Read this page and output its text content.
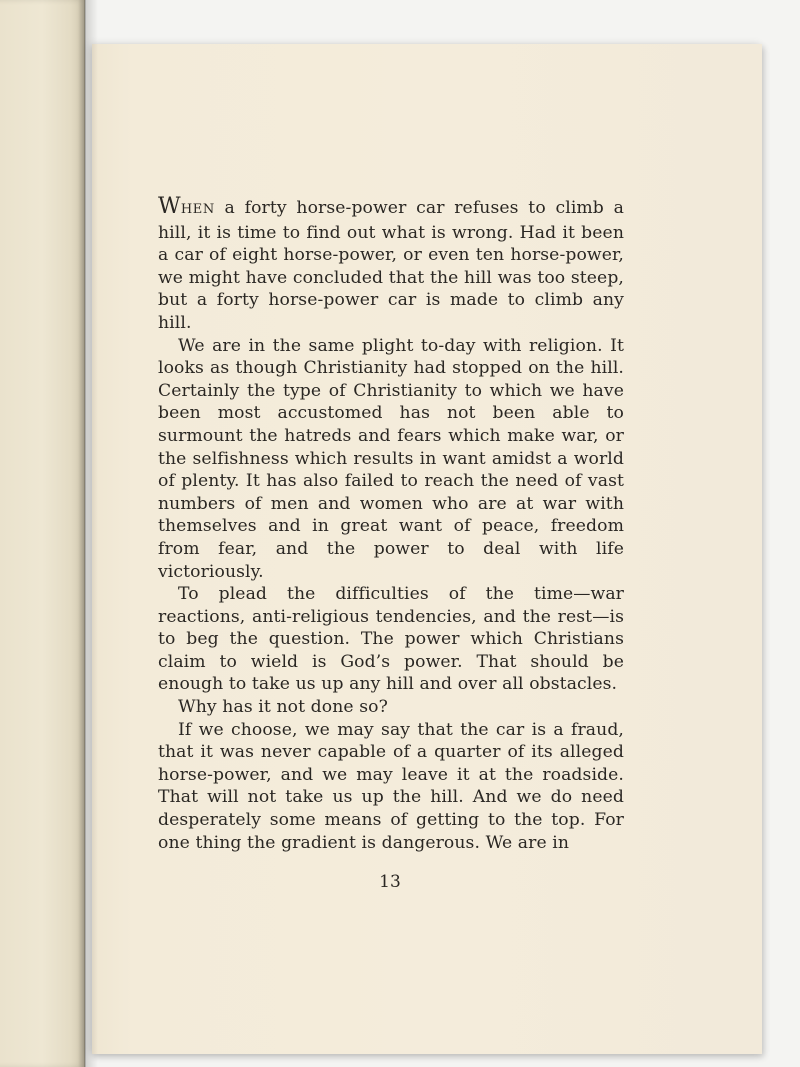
WHEN a forty horse-power car refuses to climb a hill, it is time to find out what is wrong. Had it been a car of eight horse-power, or even ten horse-power, we might have concluded that the hill was too steep, but a forty horse-power car is made to climb any hill.

We are in the same plight to-day with religion. It looks as though Christianity had stopped on the hill. Certainly the type of Christianity to which we have been most accustomed has not been able to surmount the hatreds and fears which make war, or the selfishness which results in want amidst a world of plenty. It has also failed to reach the need of vast numbers of men and women who are at war with themselves and in great want of peace, freedom from fear, and the power to deal with life victoriously.

To plead the difficulties of the time—war reactions, anti-religious tendencies, and the rest—is to beg the question. The power which Christians claim to wield is God’s power. That should be enough to take us up any hill and over all obstacles.

Why has it not done so?

If we choose, we may say that the car is a fraud, that it was never capable of a quarter of its alleged horse-power, and we may leave it at the roadside. That will not take us up the hill. And we do need desperately some means of getting to the top. For one thing the gradient is dangerous. We are in

13
